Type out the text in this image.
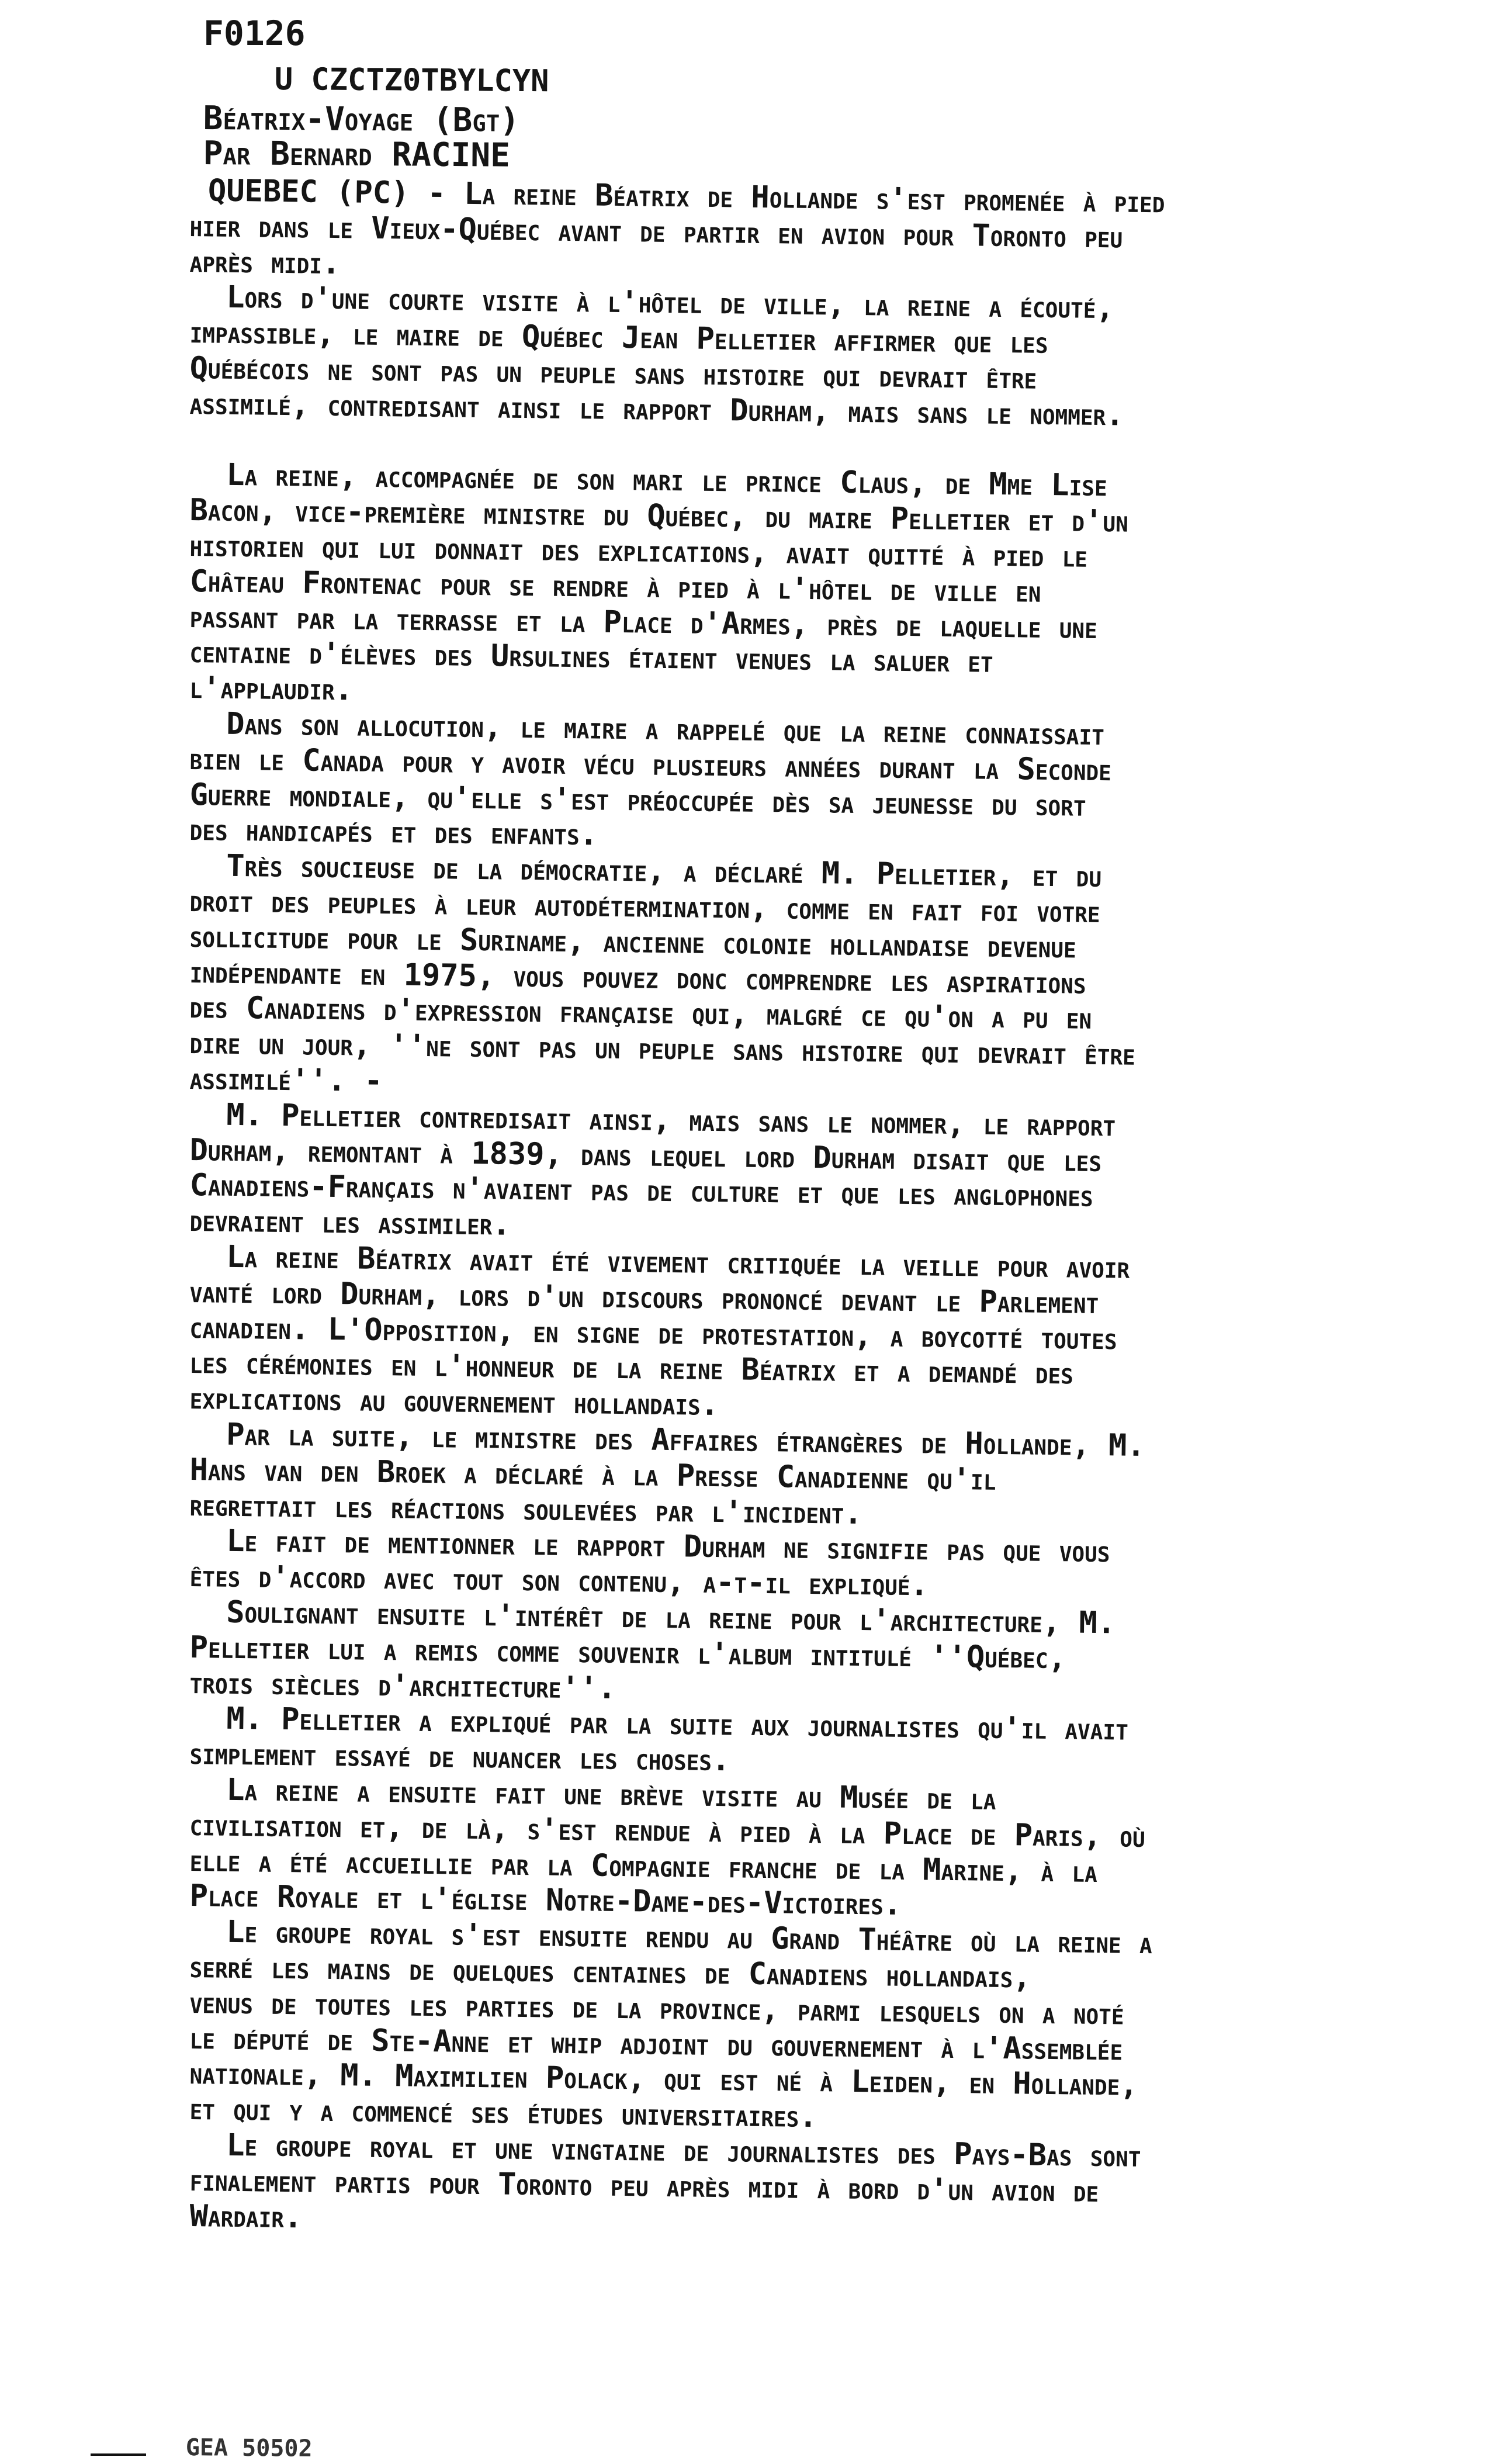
F0126
U CZCTZ0TBYLCYN
Béatrix-Voyage (Bgt)
Par Bernard RACINE
QUEBEC (PC) - La reine Béatrix de Hollande s'est promenée à pied
hier dans le Vieux-Québec avant de partir en avion pour Toronto peu
après midi.
Lors d'une courte visite à l'hôtel de ville, la reine a écouté,
impassible, le maire de Québec Jean Pelletier affirmer que les
Québécois ne sont pas un peuple sans histoire qui devrait être
assimilé, contredisant ainsi le rapport Durham, mais sans le nommer.
La reine, accompagnée de son mari le prince Claus, de Mme Lise
Bacon, vice-première ministre du Québec, du maire Pelletier et d'un
historien qui lui donnait des explications, avait quitté à pied le
Château Frontenac pour se rendre à pied à l'hôtel de ville en
passant par la terrasse et la Place d'Armes, près de laquelle une
centaine d'élèves des Ursulines étaient venues la saluer et
l'applaudir.
Dans son allocution, le maire a rappelé que la reine connaissait
bien le Canada pour y avoir vécu plusieurs années durant la Seconde
Guerre mondiale, qu'elle s'est préoccupée dès sa jeunesse du sort
des handicapés et des enfants.
Très soucieuse de la démocratie, a déclaré M. Pelletier, et du
droit des peuples à leur autodétermination, comme en fait foi votre
sollicitude pour le Suriname, ancienne colonie hollandaise devenue
indépendante en 1975, vous pouvez donc comprendre les aspirations
des Canadiens d'expression française qui, malgré ce qu'on a pu en
dire un jour, ''ne sont pas un peuple sans histoire qui devrait être
assimilé''. -
M. Pelletier contredisait ainsi, mais sans le nommer, le rapport
Durham, remontant à 1839, dans lequel lord Durham disait que les
Canadiens-Français n'avaient pas de culture et que les anglophones
devraient les assimiler.
La reine Béatrix avait été vivement critiquée la veille pour avoir
vanté lord Durham, lors d'un discours prononcé devant le Parlement
canadien. L'Opposition, en signe de protestation, a boycotté toutes
les cérémonies en l'honneur de la reine Béatrix et a demandé des
explications au gouvernement hollandais.
Par la suite, le ministre des Affaires étrangères de Hollande, M.
Hans van den Broek a déclaré à la Presse Canadienne qu'il
regrettait les réactions soulevées par l'incident.
Le fait de mentionner le rapport Durham ne signifie pas que vous
êtes d'accord avec tout son contenu, a-t-il expliqué.
Soulignant ensuite l'intérêt de la reine pour l'architecture, M.
Pelletier lui a remis comme souvenir l'album intitulé ''Québec,
trois siècles d'architecture''.
M. Pelletier a expliqué par la suite aux journalistes qu'il avait
simplement essayé de nuancer les choses.
La reine a ensuite fait une brève visite au Musée de la
civilisation et, de là, s'est rendue à pied à la Place de Paris, où
elle a été accueillie par la Compagnie franche de la Marine, à la
Place Royale et l'église Notre-Dame-des-Victoires.
Le groupe royal s'est ensuite rendu au Grand Théâtre où la reine a
serré les mains de quelques centaines de Canadiens hollandais,
venus de toutes les parties de la province, parmi lesquels on a noté
le député de Ste-Anne et whip adjoint du gouvernement à l'Assemblée
nationale, M. Maximilien Polack, qui est né à Leiden, en Hollande,
et qui y a commencé ses études universitaires.
Le groupe royal et une vingtaine de journalistes des Pays-Bas sont
finalement partis pour Toronto peu après midi à bord d'un avion de
Wardair.
GEA 50502
